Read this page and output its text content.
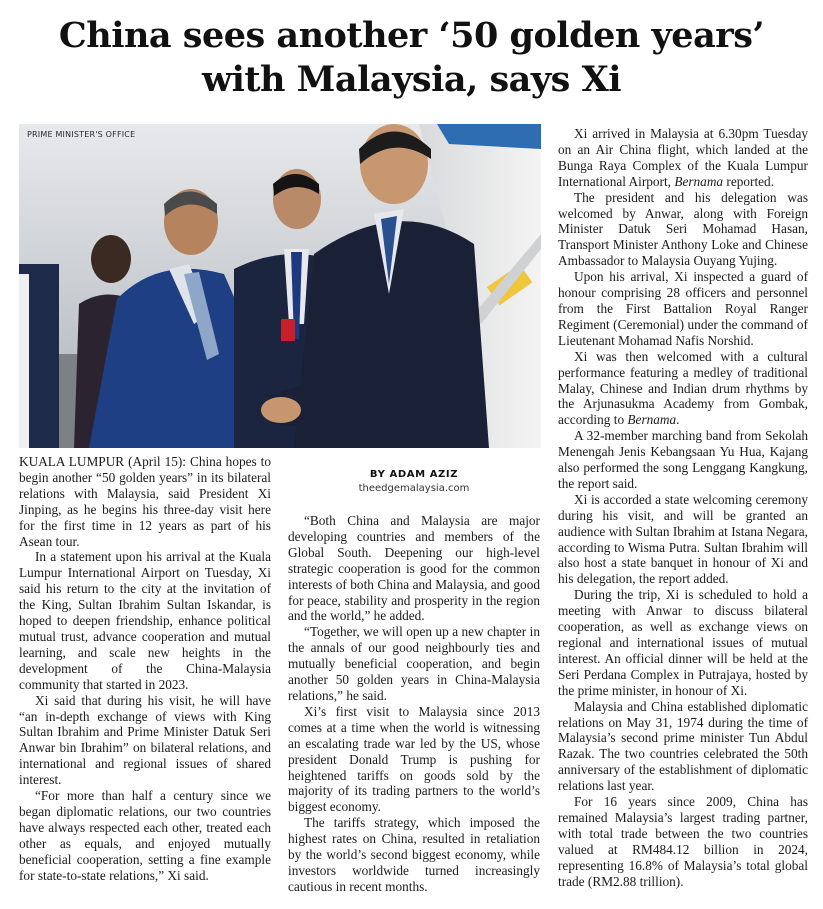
China sees another ‘50 golden years’
with Malaysia, says Xi
PRIME MINISTER'S OFFICE

KUALA LUMPUR (April 15): China hopes to begin another “50 golden years” in its bilateral relations with Malaysia, said President Xi Jinping, as he begins his three-day visit here for the first time in 12 years as part of his Asean tour.

In a statement upon his arrival at the Kuala Lumpur International Airport on Tuesday, Xi said his return to the city at the invitation of the King, Sultan Ibrahim Sultan Iskandar, is hoped to deepen friendship, enhance political mutual trust, advance cooperation and mutual learning, and scale new heights in the development of the China-Malaysia community that started in 2023.

Xi said that during his visit, he will have “an in-depth exchange of views with King Sultan Ibrahim and Prime Minister Datuk Seri Anwar bin Ibrahim” on bilateral relations, and international and regional issues of shared interest.

“For more than half a century since we began diplomatic relations, our two countries have always respected each other, treated each other as equals, and enjoyed mutually beneficial cooperation, setting a fine example for state-to-state relations,” Xi said.

BY ADAM AZIZ
theedgemalaysia.com

“Both China and Malaysia are major developing countries and members of the Global South. Deepening our high-level strategic cooperation is good for the common interests of both China and Malaysia, and good for peace, stability and prosperity in the region and the world,” he added.

“Together, we will open up a new chapter in the annals of our good neighbourly ties and mutually beneficial cooperation, and begin another 50 golden years in China-Malaysia relations,” he said.

Xi’s first visit to Malaysia since 2013 comes at a time when the world is witnessing an escalating trade war led by the US, whose president Donald Trump is pushing for heightened tariffs on goods sold by the majority of its trading partners to the world’s biggest economy.

The tariffs strategy, which imposed the highest rates on China, resulted in retaliation by the world’s second biggest economy, while investors worldwide turned increasingly cautious in recent months.

Xi arrived in Malaysia at 6.30pm Tuesday on an Air China flight, which landed at the Bunga Raya Complex of the Kuala Lumpur International Airport, Bernama reported.

The president and his delegation was welcomed by Anwar, along with Foreign Minister Datuk Seri Mohamad Hasan, Transport Minister Anthony Loke and Chinese Ambassador to Malaysia Ouyang Yujing.

Upon his arrival, Xi inspected a guard of honour comprising 28 officers and personnel from the First Battalion Royal Ranger Regiment (Ceremonial) under the command of Lieutenant Mohamad Nafis Norshid.

Xi was then welcomed with a cultural performance featuring a medley of traditional Malay, Chinese and Indian drum rhythms by the Arjunasukma Academy from Gombak, according to Bernama.

A 32-member marching band from Sekolah Menengah Jenis Kebangsaan Yu Hua, Kajang also performed the song Lenggang Kangkung, the report said.

Xi is accorded a state welcoming ceremony during his visit, and will be granted an audience with Sultan Ibrahim at Istana Negara, according to Wisma Putra. Sultan Ibrahim will also host a state banquet in honour of Xi and his delegation, the report added.

During the trip, Xi is scheduled to hold a meeting with Anwar to discuss bilateral cooperation, as well as exchange views on regional and international issues of mutual interest. An official dinner will be held at the Seri Perdana Complex in Putrajaya, hosted by the prime minister, in honour of Xi.

Malaysia and China established diplomatic relations on May 31, 1974 during the time of Malaysia’s second prime minister Tun Abdul Razak. The two countries celebrated the 50th anniversary of the establishment of diplomatic relations last year.

For 16 years since 2009, China has remained Malaysia’s largest trading partner, with total trade between the two countries valued at RM484.12 billion in 2024, representing 16.8% of Malaysia’s total global trade (RM2.88 trillion).
